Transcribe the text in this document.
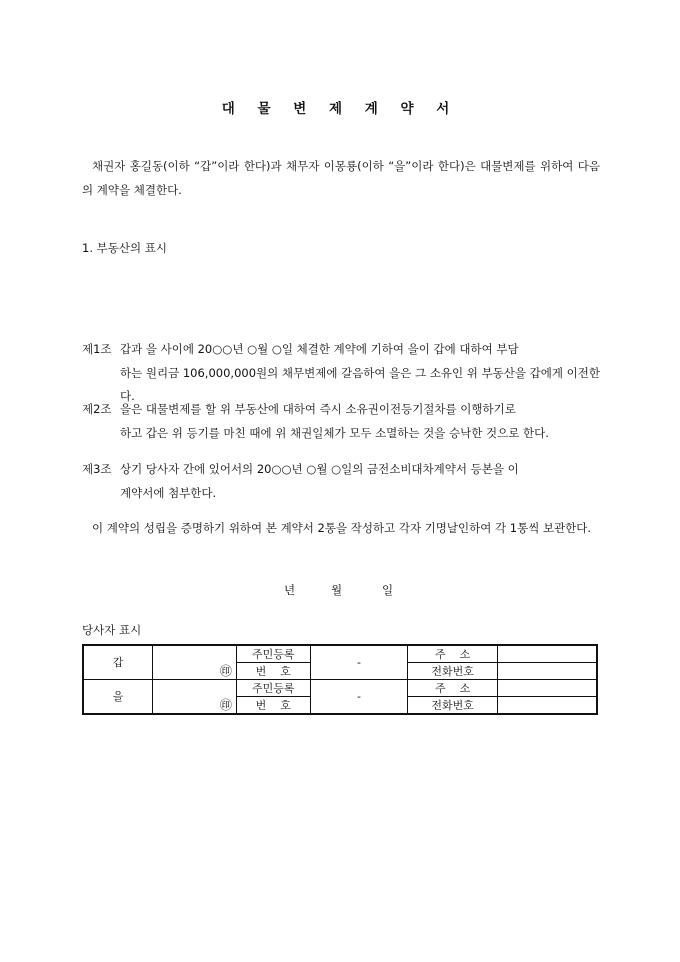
대 물 변 제 계 약 서
채권자 홍길동(이하 “갑”이라 한다)과 채무자 이몽룡(이하 “을”이라 한다)은 대물변제를 위하여 다음의 계약을 체결한다.
1. 부동산의 표시
제1조 갑과 을 사이에 20○○년 ○월 ○일 체결한 계약에 기하여 을이 갑에 대하여 부담
하는 원리금 106,000,000원의 채무변제에 갈음하여 을은 그 소유인 위 부동산을 갑에게 이전한다.
제2조 을은 대물변제를 할 위 부동산에 대하여 즉시 소유권이전등기절차를 이행하기로
하고 갑은 위 등기를 마친 때에 위 채권일체가 모두 소멸하는 것을 승낙한 것으로 한다.
제3조 상기 당사자 간에 있어서의 20○○년 ○월 ○일의 금전소비대차계약서 등본을 이
계약서에 첨부한다.
이 계약의 성립을 증명하기 위하여 본 계약서 2통을 작성하고 각자 기명날인하여 각 1통씩 보관한다.
년	월	일
당사자 표시
갑	㊞	주민등록	-	주    소	
		번    호		전화번호	
을	㊞	주민등록	-	주    소	
		번    호		전화번호	
